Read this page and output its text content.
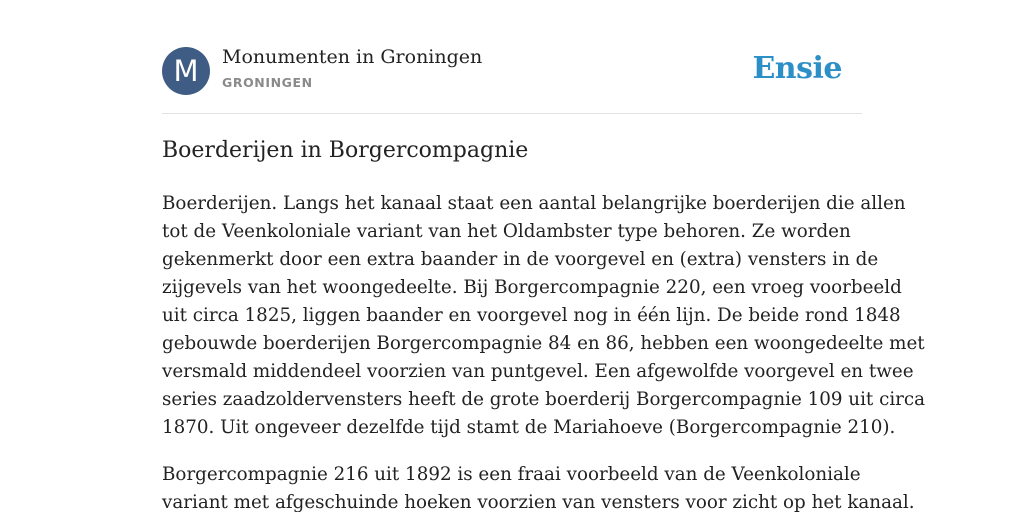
M	Monumenten in Groningen
GRONINGEN	Ensie
Boerderijen in Borgercompagnie

Boerderijen. Langs het kanaal staat een aantal belangrijke boerderijen die allen
tot de Veenkoloniale variant van het Oldambster type behoren. Ze worden
gekenmerkt door een extra baander in de voorgevel en (extra) vensters in de
zijgevels van het woongedeelte. Bij Borgercompagnie 220, een vroeg voorbeeld
uit circa 1825, liggen baander en voorgevel nog in één lijn. De beide rond 1848
gebouwde boerderijen Borgercompagnie 84 en 86, hebben een woongedeelte met
versmald middendeel voorzien van puntgevel. Een afgewolfde voorgevel en twee
series zaadzoldervensters heeft de grote boerderij Borgercompagnie 109 uit circa
1870. Uit ongeveer dezelfde tijd stamt de Mariahoeve (Borgercompagnie 210).

Borgercompagnie 216 uit 1892 is een fraai voorbeeld van de Veenkoloniale
variant met afgeschuinde hoeken voorzien van vensters voor zicht op het kanaal.
